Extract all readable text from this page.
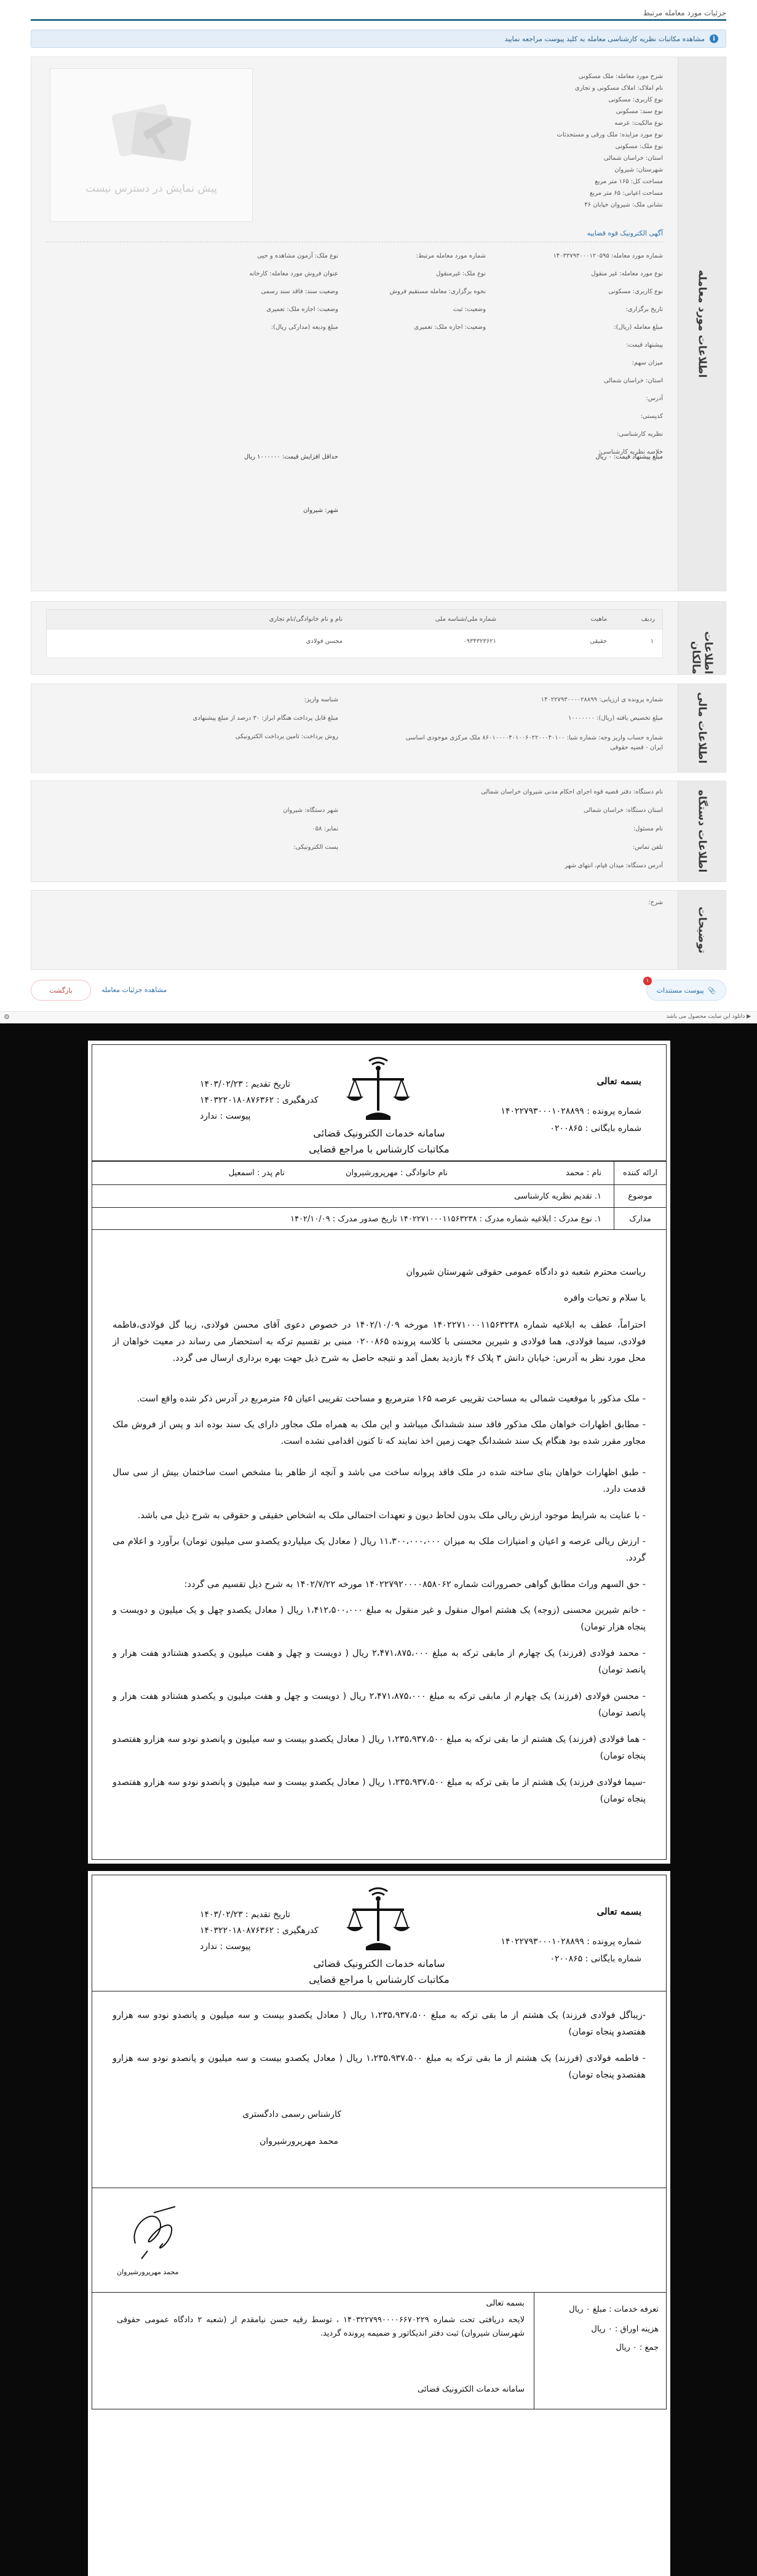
جزئیات مورد معامله مرتبط
i
مشاهده مکاتبات نظریه کارشناسی معامله به کلید پیوست مراجعه نمایید
اطلاعات مورد معامله
پیش نمایش در دسترس نیست
شرح مورد معامله: ملک مسکونی
نام املاک: املاک مسکونی و تجاری
نوع کاربری: مسکونی
نوع سند: مسکونی
نوع مالکیت: عرصه
نوع مورد مزایده: ملک ورقی و مستحدثات
نوع ملک: مسکونی
استان: خراسان شمالی
شهرستان: شیروان
مساحت کل: ۱۶۵ متر مربع
مساحت اعیانی: ۶۵ متر مربع
نشانی ملک: شیروان خیابان ۴۶
آگهی الکترونیک قوه قضاییه
شماره مورد معامله: ۱۴۰۳۳۷۹۳۰۰۰۱۲۰۵۹۵
نوع مورد معامله: غیر منقول
نوع کاربری: مسکونی
تاریخ برگزاری:
مبلغ معامله (ریال):
پیشنهاد قیمت:
میزان سهم:
استان: خراسان شمالی
آدرس:
کدپستی:
نظریه کارشناسی:
خلاصه نظریه کارشناسی:
شماره مورد معامله مرتبط:
نوع ملک: غیرمنقول
نحوه برگزاری: معامله مستقیم فروش
وضعیت: ثبت
وضعیت: اجازه ملک: تعمیری
نوع ملک: آزمون مشاهده و حیی
عنوان فروش مورد معامله: کارخانه
وضعیت سند: فاقد سند رسمی
وضعیت: اجازه ملک: تعمیری
مبلغ ودیعه (مدارکی ریال):
مبلغ پیشنهاد قیمت: ۰ ریال
حداقل افزایش قیمت: ۱۰۰۰۰۰۰ ریال
شهر: شیروان
اطلاعات مالکان
ردیف
ماهیت
شماره ملی/شناسه ملی
نام و نام خانوادگی/نام تجاری
۱
حقیقی
۰۹۳۴۳۲۳۶۲۱
محسن فولادی
اطلاعات مالی
شماره پرونده ی ارزیابی: ۱۴۰۲۲۷۹۳۰۰۰۰۲۸۸۹۹
مبلغ تخصیص یافته (ریال): ۱۰۰۰۰۰۰۰
شماره حساب واریز وجه: شماره شبا: ۸۶۰۱۰۰۰۰۴۰۱۰۰۶۰۲۲۰۰۰۴۰۱۰۰ ملک مرکزی موجودی اساسی ایران - قضیه حقوقی
شناسه واریز:
مبلغ قابل پرداخت هنگام ابراز: ۳۰ درصد از مبلغ پیشنهادی
روش پرداخت: ثامین پرداخت الکترونیکی
اطلاعات دستگاه
نام دستگاه: دفتر قضیه قوه اجرای احکام مدنی شیروان خراسان شمالی
استان دستگاه: خراسان شمالی
نام مسئول:
تلفن تماس:
آدرس دستگاه: میدان قیام، انتهای شهر
شهر دستگاه: شیروان
نمابر: ۰۵۸
پست الکترونیکی:
توضیحات
شرح:
📎
پیوست مستندات
۱
مشاهده جزئیات معامله
بازگشت
▶ دانلود این سایت محصول می باشد
⚙
بسمه تعالی
شماره پرونده : ۱۴۰۲۲۷۹۳۰۰۰۱۰۲۸۸۹۹
شماره بایگانی : ۰۲۰۰۸۶۵
سامانه خدمات الکترونیک قضائی
مکاتبات کارشناس با مراجع قضایی
تاریخ تقدیم : ۱۴۰۳/۰۲/۲۳
کدرهگیری : ۱۴۰۳۲۲۰۱۸۰۸۷۶۳۶۲
پیوست : ندارد
ارائه کننده
نام : محمد
نام خانوادگی : مهرپرورشیروان
نام پدر : اسمعیل
موضوع
۱. تقدیم نظریه کارشناسی
مدارک
۱. نوع مدرک : ابلاغیه شماره مدرک : ۱۴۰۲۲۷۱۰۰۰۱۱۵۶۳۲۳۸ تاریخ صدور مدرک : ۱۴۰۲/۱۰/۰۹
ریاست محترم شعبه دو دادگاه عمومی حقوقی شهرستان شیروان
با سلام و تحیات وافره
احتراماً، عطف به ابلاغیه شماره ۱۴۰۲۲۷۱۰۰۰۱۱۵۶۳۲۳۸ مورخه ۱۴۰۲/۱۰/۰۹ در خصوص دعوی آقای محسن فولادی، زیبا گل فولادی،فاطمه فولادی، سیما فولادی، هما فولادی و شیرین محسنی با کلاسه پرونده ۰۲۰۰۸۶۵ مبنی بر تقسیم ترکه به استحضار می رساند در معیت خواهان از محل مورد نظر به آدرس: خیابان دانش ۳ پلاک ۴۶ بازدید بعمل آمد و نتیجه حاصل به شرح ذیل جهت بهره برداری ارسال می گردد.
- ملک مذکور با موقعیت شمالی به مساحت تقریبی عرصه ۱۶۵ مترمربع و مساحت تقریبی اعیان ۶۵ مترمربع در آدرس ذکر شده واقع است.
- مطابق اظهارات خواهان ملک مذکور فاقد سند ششدانگ میباشد و این ملک به همراه ملک مجاور دارای یک سند بوده اند و پس از فروش ملک مجاور مقرر شده بود هنگام یک سند ششدانگ جهت زمین اخذ نمایند که تا کنون اقدامی نشده است.
- طبق اظهارات خواهان بنای ساخته شده در ملک فاقد پروانه ساخت می باشد و آنچه از ظاهر بنا مشخص است ساختمان بیش از سی سال قدمت دارد.
- با عنایت به شرایط موجود ارزش ریالی ملک بدون لحاظ دیون و تعهدات احتمالی ملک به اشخاص حقیقی و حقوقی به شرح ذیل می باشد.
- ارزش ریالی عرصه و اعیان و امتیازات ملک به میزان ۱۱،۳۰۰،۰۰۰،۰۰۰ ریال ( معادل یک میلیاردو یکصدو سی میلیون تومان) برآورد و اعلام می گردد.
- حق السهم وراث مطابق گواهی حصروراثت شماره ۱۴۰۲۲۷۹۲۰۰۰۰۸۵۸۰۶۲ مورخه ۱۴۰۲/۷/۲۲ به شرح ذیل تقسیم می گردد:
- خانم شیرین محسنی (زوجه) یک هشتم اموال منقول و غیر منقول به مبلغ ۱،۴۱۲،۵۰۰،۰۰۰ ریال ( معادل یکصدو چهل و یک میلیون و دویست و پنجاه هزار تومان)
- محمد فولادی (فرزند) یک چهارم از مابقی ترکه به مبلغ ۲،۴۷۱،۸۷۵،۰۰۰ ریال ( دویست و چهل و هفت میلیون و یکصدو هشتادو هفت هزار و پانصد تومان)
- محسن فولادی (فرزند) یک چهارم از مابقی ترکه به مبلغ ۲،۴۷۱،۸۷۵،۰۰۰ ریال ( دویست و چهل و هفت میلیون و یکصدو هشتادو هفت هزار و پانصد تومان)
- هما فولادی (فرزند) یک هشتم از ما بقی ترکه به مبلغ ۱،۲۳۵،۹۳۷،۵۰۰ ریال ( معادل یکصدو بیست و سه میلیون و پانصدو نودو سه هزارو هفتصدو پنجاه تومان)
-سیما فولادی فرزند) یک هشتم از ما بقی ترکه به مبلغ ۱،۲۳۵،۹۳۷،۵۰۰ ریال ( معادل یکصدو بیست و سه میلیون و پانصدو نودو سه هزارو هفتصدو پنجاه تومان)
بسمه تعالی
شماره پرونده : ۱۴۰۲۲۷۹۳۰۰۰۱۰۲۸۸۹۹
شماره بایگانی : ۰۲۰۰۸۶۵
سامانه خدمات الکترونیک قضائی
مکاتبات کارشناس با مراجع قضایی
تاریخ تقدیم : ۱۴۰۳/۰۲/۲۳
کدرهگیری : ۱۴۰۳۲۲۰۱۸۰۸۷۶۳۶۲
پیوست : ندارد
-زیباگل فولادی فرزند) یک هشتم از ما بقی ترکه به مبلغ ۱،۲۳۵،۹۳۷،۵۰۰ ریال ( معادل یکصدو بیست و سه میلیون و پانصدو نودو سه هزارو هفتصدو پنجاه تومان)
- فاطمه فولادی (فرزند) یک هشتم از ما بقی ترکه به مبلغ ۱،۲۳۵،۹۳۷،۵۰۰ ریال ( معادل یکصدو بیست و سه میلیون و پانصدو نودو سه هزارو هفتصدو پنجاه تومان)
کارشناس رسمی دادگستری
محمد مهرپرورشیروان
محمد مهرپرورشیروان
تعرفه خدمات : مبلغ ۰ ریال
هزینه اوراق : ۰ ریال
جمع : ۰ ریال
بسمه تعالی
لایحه دریافتی تحت شماره ۱۴۰۳۲۲۷۹۹۰۰۰۰۶۶۷۰۲۲۹ ، توسط رقیه حسن نیامقدم از (شعبه ۲ دادگاه عمومی حقوقی شهرستان شیروان) ثبت دفتر اندیکاتور و ضمیمه پرونده گردید.
سامانه خدمات الکترونیک قضائی
